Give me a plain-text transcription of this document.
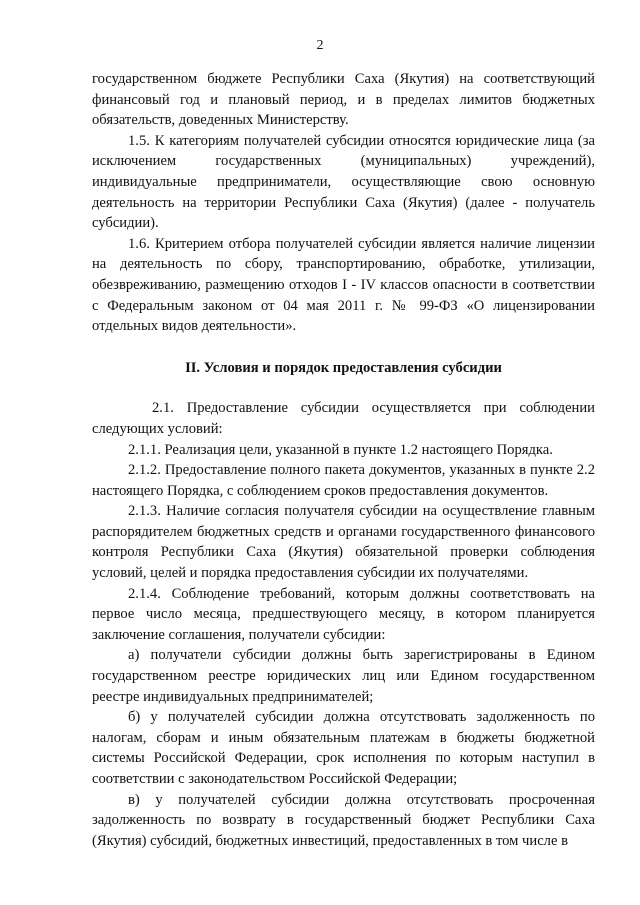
2

государственном бюджете Республики Саха (Якутия) на соответствующий финансовый год и плановый период, и в пределах лимитов бюджетных обязательств, доведенных Министерству.

1.5. К категориям получателей субсидии относятся юридические лица (за исключением государственных (муниципальных) учреждений), индивидуальные предприниматели, осуществляющие свою основную деятельность на территории Республики Саха (Якутия) (далее - получатель субсидии).

1.6. Критерием отбора получателей субсидии является наличие лицензии на деятельность по сбору, транспортированию, обработке, утилизации, обезвреживанию, размещению отходов I - IV классов опасности в соответствии с Федеральным законом от 04 мая 2011 г. № 99-ФЗ «О лицензировании отдельных видов деятельности».

II. Условия и порядок предоставления субсидии

2.1. Предоставление субсидии осуществляется при соблюдении следующих условий:

2.1.1. Реализация цели, указанной в пункте 1.2 настоящего Порядка.

2.1.2. Предоставление полного пакета документов, указанных в пункте 2.2 настоящего Порядка, с соблюдением сроков предоставления документов.

2.1.3. Наличие согласия получателя субсидии на осуществление главным распорядителем бюджетных средств и органами государственного финансового контроля Республики Саха (Якутия) обязательной проверки соблюдения условий, целей и порядка предоставления субсидии их получателями.

2.1.4. Соблюдение требований, которым должны соответствовать на первое число месяца, предшествующего месяцу, в котором планируется заключение соглашения, получатели субсидии:

а) получатели субсидии должны быть зарегистрированы в Едином государственном реестре юридических лиц или Едином государственном реестре индивидуальных предпринимателей;

б) у получателей субсидии должна отсутствовать задолженность по налогам, сборам и иным обязательным платежам в бюджеты бюджетной системы Российской Федерации, срок исполнения по которым наступил в соответствии с законодательством Российской Федерации;

в) у получателей субсидии должна отсутствовать просроченная задолженность по возврату в государственный бюджет Республики Саха (Якутия) субсидий, бюджетных инвестиций, предоставленных в том числе в
